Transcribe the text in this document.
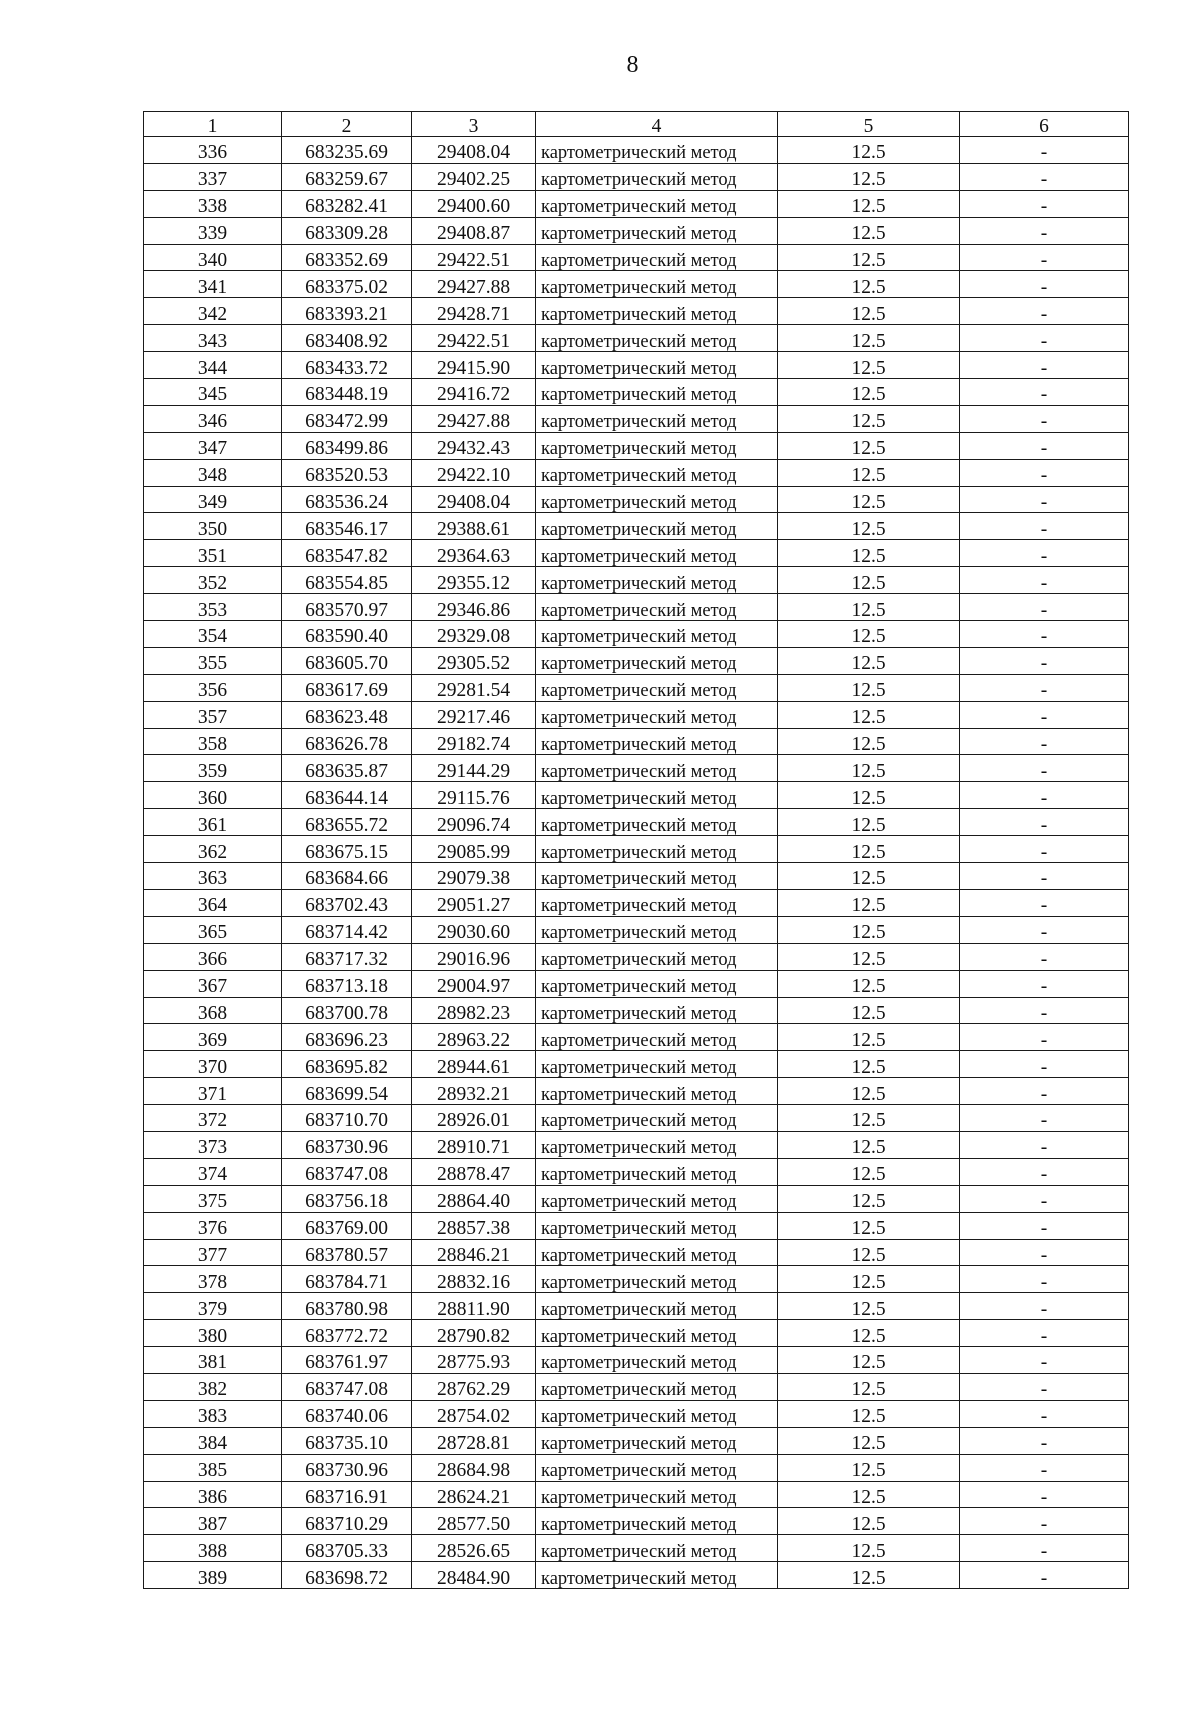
8
1	2	3	4	5	6
336	683235.69	29408.04	картометрический метод	12.5	-
337	683259.67	29402.25	картометрический метод	12.5	-
338	683282.41	29400.60	картометрический метод	12.5	-
339	683309.28	29408.87	картометрический метод	12.5	-
340	683352.69	29422.51	картометрический метод	12.5	-
341	683375.02	29427.88	картометрический метод	12.5	-
342	683393.21	29428.71	картометрический метод	12.5	-
343	683408.92	29422.51	картометрический метод	12.5	-
344	683433.72	29415.90	картометрический метод	12.5	-
345	683448.19	29416.72	картометрический метод	12.5	-
346	683472.99	29427.88	картометрический метод	12.5	-
347	683499.86	29432.43	картометрический метод	12.5	-
348	683520.53	29422.10	картометрический метод	12.5	-
349	683536.24	29408.04	картометрический метод	12.5	-
350	683546.17	29388.61	картометрический метод	12.5	-
351	683547.82	29364.63	картометрический метод	12.5	-
352	683554.85	29355.12	картометрический метод	12.5	-
353	683570.97	29346.86	картометрический метод	12.5	-
354	683590.40	29329.08	картометрический метод	12.5	-
355	683605.70	29305.52	картометрический метод	12.5	-
356	683617.69	29281.54	картометрический метод	12.5	-
357	683623.48	29217.46	картометрический метод	12.5	-
358	683626.78	29182.74	картометрический метод	12.5	-
359	683635.87	29144.29	картометрический метод	12.5	-
360	683644.14	29115.76	картометрический метод	12.5	-
361	683655.72	29096.74	картометрический метод	12.5	-
362	683675.15	29085.99	картометрический метод	12.5	-
363	683684.66	29079.38	картометрический метод	12.5	-
364	683702.43	29051.27	картометрический метод	12.5	-
365	683714.42	29030.60	картометрический метод	12.5	-
366	683717.32	29016.96	картометрический метод	12.5	-
367	683713.18	29004.97	картометрический метод	12.5	-
368	683700.78	28982.23	картометрический метод	12.5	-
369	683696.23	28963.22	картометрический метод	12.5	-
370	683695.82	28944.61	картометрический метод	12.5	-
371	683699.54	28932.21	картометрический метод	12.5	-
372	683710.70	28926.01	картометрический метод	12.5	-
373	683730.96	28910.71	картометрический метод	12.5	-
374	683747.08	28878.47	картометрический метод	12.5	-
375	683756.18	28864.40	картометрический метод	12.5	-
376	683769.00	28857.38	картометрический метод	12.5	-
377	683780.57	28846.21	картометрический метод	12.5	-
378	683784.71	28832.16	картометрический метод	12.5	-
379	683780.98	28811.90	картометрический метод	12.5	-
380	683772.72	28790.82	картометрический метод	12.5	-
381	683761.97	28775.93	картометрический метод	12.5	-
382	683747.08	28762.29	картометрический метод	12.5	-
383	683740.06	28754.02	картометрический метод	12.5	-
384	683735.10	28728.81	картометрический метод	12.5	-
385	683730.96	28684.98	картометрический метод	12.5	-
386	683716.91	28624.21	картометрический метод	12.5	-
387	683710.29	28577.50	картометрический метод	12.5	-
388	683705.33	28526.65	картометрический метод	12.5	-
389	683698.72	28484.90	картометрический метод	12.5	-
